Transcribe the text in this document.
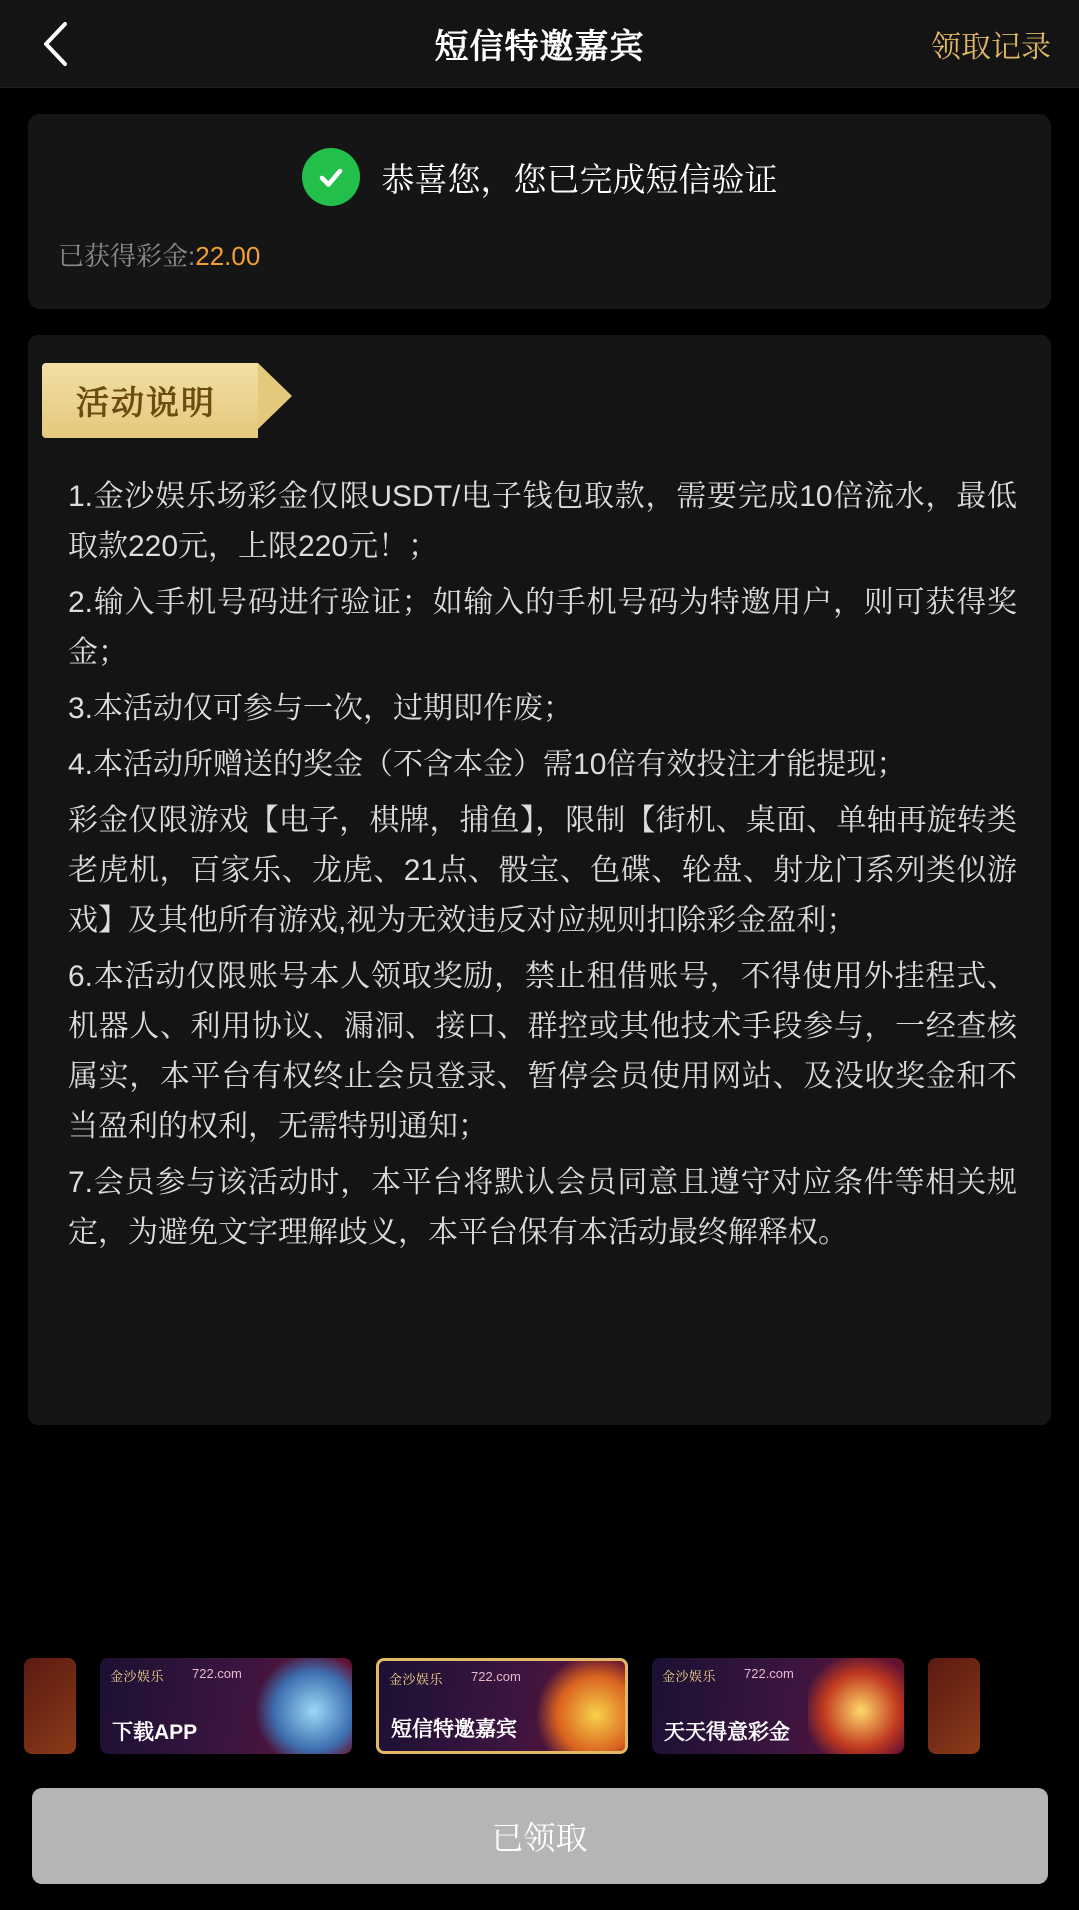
短信特邀嘉宾	领取记录
恭喜您，您已完成短信验证
已获得彩金:22.00
活动说明

1.金沙娱乐场彩金仅限USDT/电子钱包取款，需要完成10倍流水，最低取款220元，上限220元！；

2.输入手机号码进行验证；如输入的手机号码为特邀用户，则可获得奖金；

3.本活动仅可参与一次，过期即作废；

4.本活动所赠送的奖金（不含本金）需10倍有效投注才能提现；

彩金仅限游戏【电子，棋牌，捕鱼】，限制【街机、桌面、单轴再旋转类老虎机，百家乐、龙虎、21点、骰宝、色碟、轮盘、射龙门系列类似游戏】及其他所有游戏,视为无效违反对应规则扣除彩金盈利；

6.本活动仅限账号本人领取奖励，禁止租借账号，不得使用外挂程式、机器人、利用协议、漏洞、接口、群控或其他技术手段参与，一经查核属实，本平台有权终止会员登录、暂停会员使用网站、及没收奖金和不当盈利的权利，无需特别通知；

7.会员参与该活动时，本平台将默认会员同意且遵守对应条件等相关规定，为避免文字理解歧义，本平台保有本活动最终解释权。

金沙娱乐 722.com
下载APP
金沙娱乐 722.com
短信特邀嘉宾
金沙娱乐 722.com
天天得意彩金
已领取
